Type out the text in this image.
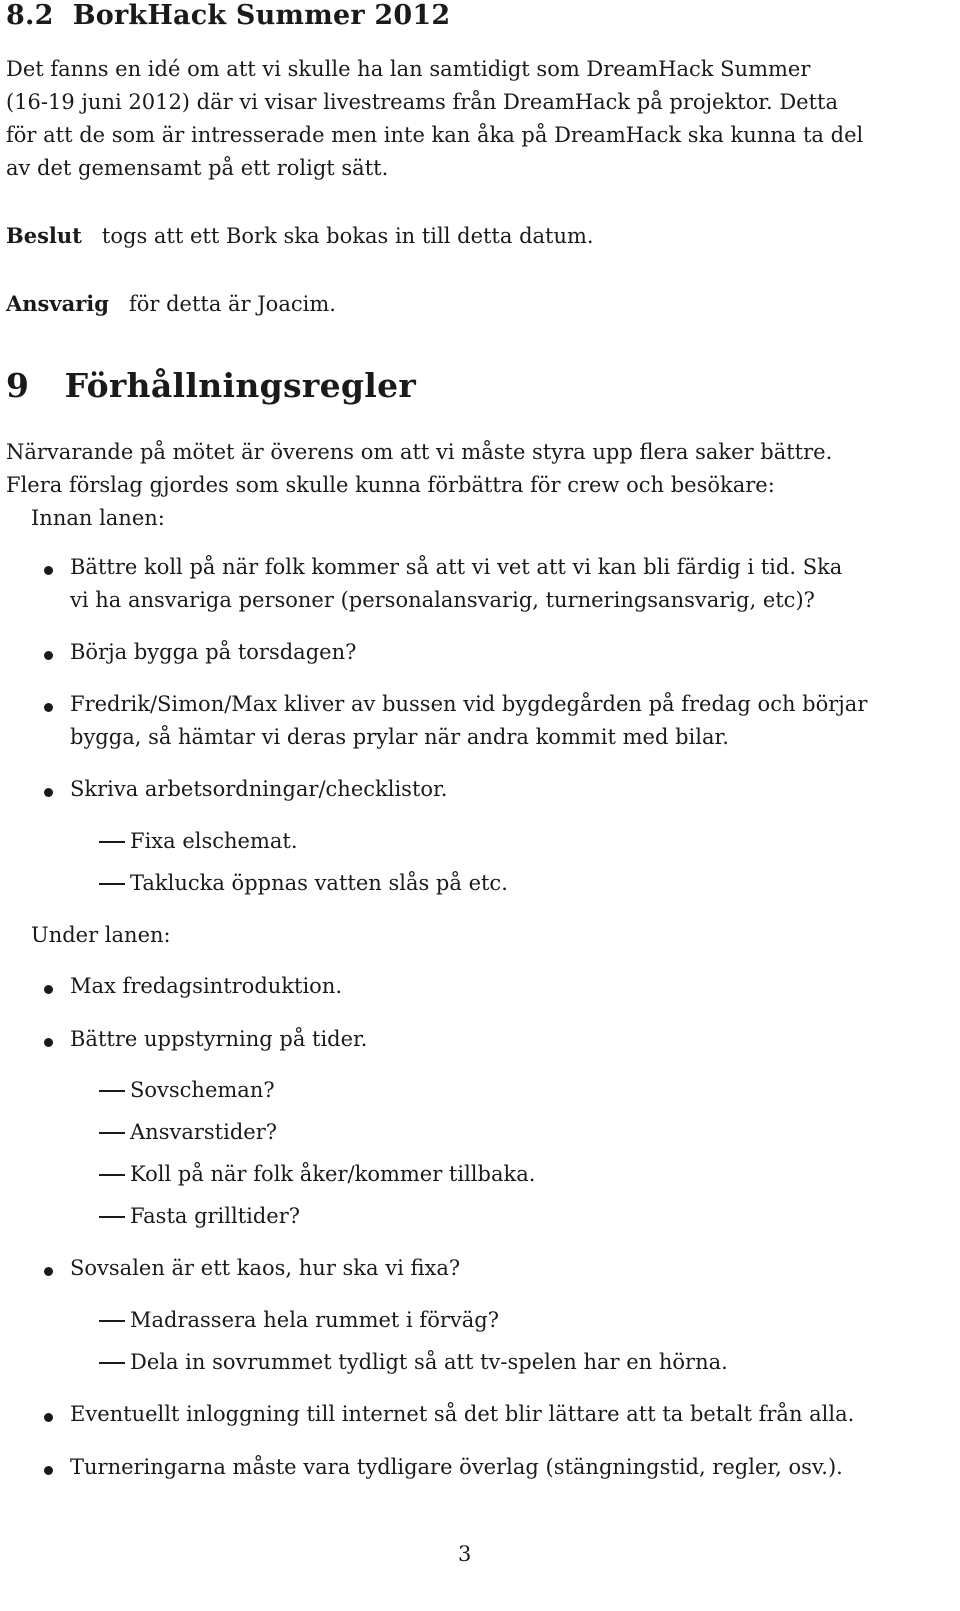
8.2 BorkHack Summer 2012
Det fanns en idé om att vi skulle ha lan samtidigt som DreamHack Summer
(16-19 juni 2012) där vi visar livestreams från DreamHack på projektor. Detta
för att de som är intresserade men inte kan åka på DreamHack ska kunna ta del
av det gemensamt på ett roligt sätt.
Beslut togs att ett Bork ska bokas in till detta datum.
Ansvarig för detta är Joacim.
9 Förhållningsregler
Närvarande på mötet är överens om att vi måste styra upp flera saker bättre.
Flera förslag gjordes som skulle kunna förbättra för crew och besökare:
Innan lanen:
Bättre koll på när folk kommer så att vi vet att vi kan bli färdig i tid. Ska
vi ha ansvariga personer (personalansvarig, turneringsansvarig, etc)?
Börja bygga på torsdagen?
Fredrik/Simon/Max kliver av bussen vid bygdegården på fredag och börjar
bygga, så hämtar vi deras prylar när andra kommit med bilar.
Skriva arbetsordningar/checklistor.
Fixa elschemat.
Taklucka öppnas vatten slås på etc.
Under lanen:
Max fredagsintroduktion.
Bättre uppstyrning på tider.
Sovscheman?
Ansvarstider?
Koll på när folk åker/kommer tillbaka.
Fasta grilltider?
Sovsalen är ett kaos, hur ska vi fixa?
Madrassera hela rummet i förväg?
Dela in sovrummet tydligt så att tv-spelen har en hörna.
Eventuellt inloggning till internet så det blir lättare att ta betalt från alla.
Turneringarna måste vara tydligare överlag (stängningstid, regler, osv.).
3
